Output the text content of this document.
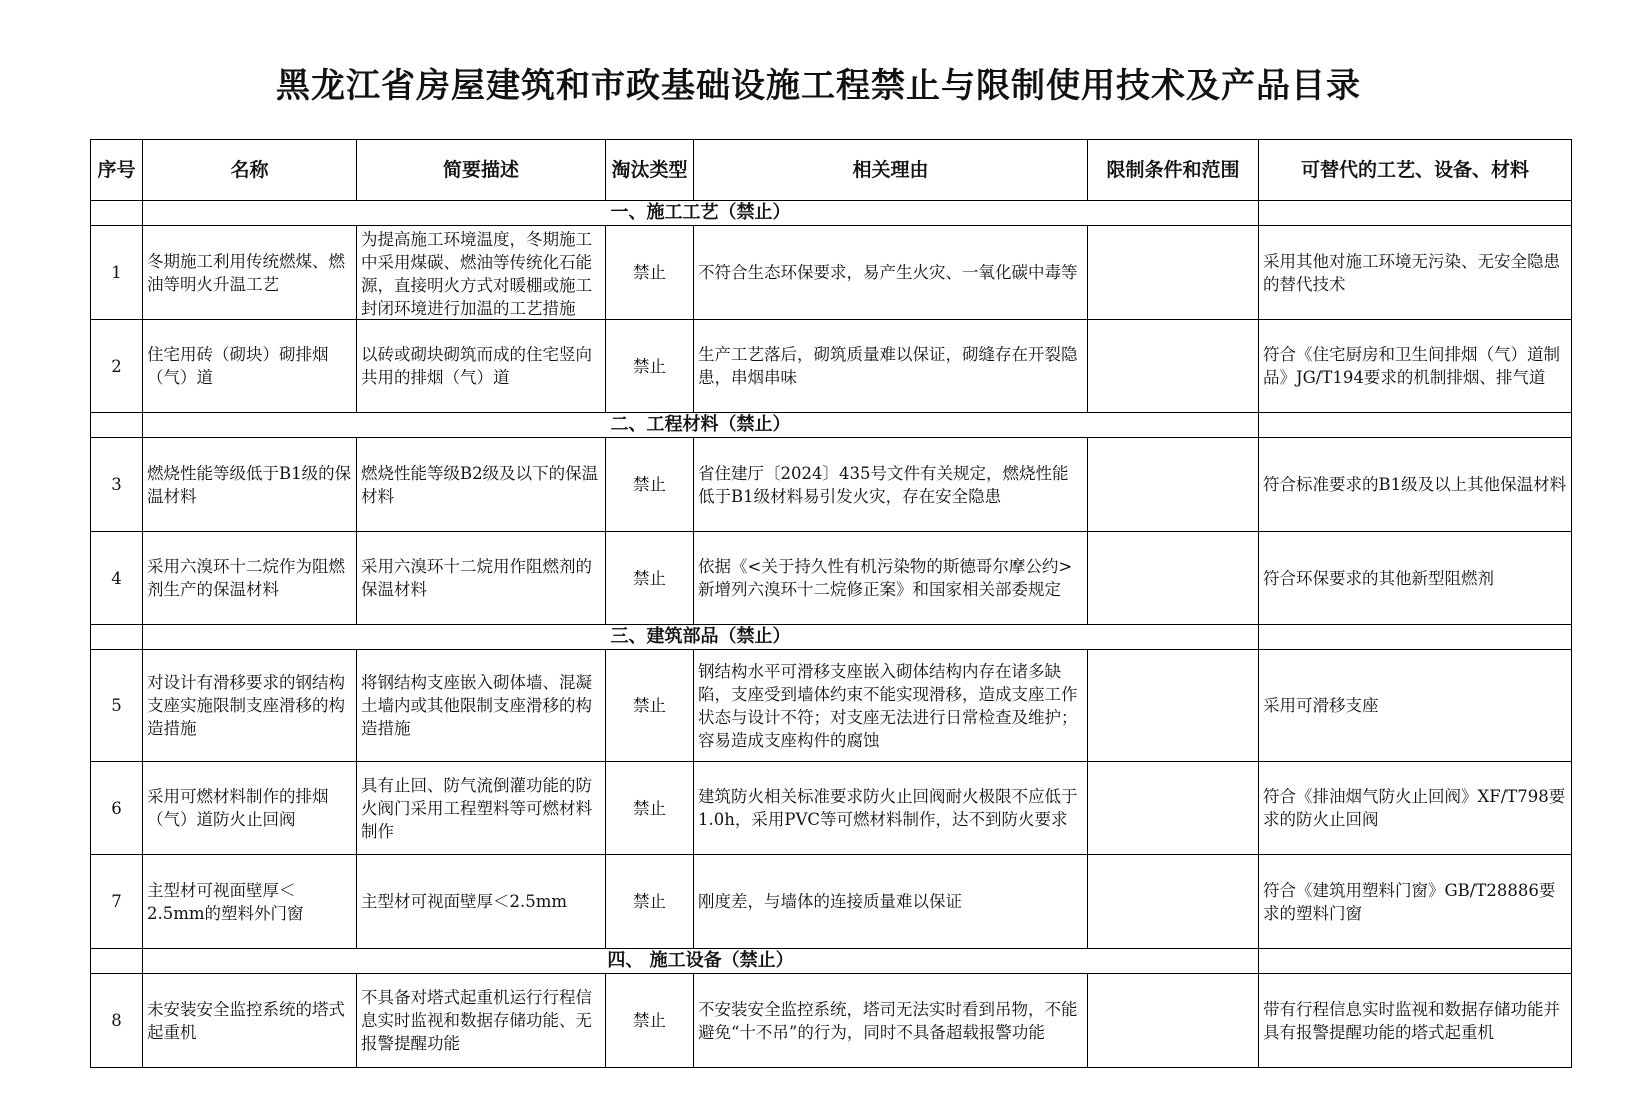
黑龙江省房屋建筑和市政基础设施工程禁止与限制使用技术及产品目录
序号	名称	简要描述	淘汰类型	相关理由	限制条件和范围	可替代的工艺、设备、材料
	一、施工工艺（禁止）					
1	冬期施工利用传统燃煤、燃油等明火升温工艺	为提高施工环境温度，冬期施工中采用煤碳、燃油等传统化石能源，直接明火方式对暖棚或施工封闭环境进行加温的工艺措施	禁止	不符合生态环保要求，易产生火灾、一氧化碳中毒等		采用其他对施工环境无污染、无安全隐患的替代技术
2	住宅用砖（砌块）砌排烟（气）道	以砖或砌块砌筑而成的住宅竖向共用的排烟（气）道	禁止	生产工艺落后，砌筑质量难以保证，砌缝存在开裂隐患，串烟串味		符合《住宅厨房和卫生间排烟（气）道制品》JG/T194要求的机制排烟、排气道
	二、工程材料（禁止）					
3	燃烧性能等级低于B1级的保温材料	燃烧性能等级B2级及以下的保温材料	禁止	省住建厅〔2024〕435号文件有关规定，燃烧性能低于B1级材料易引发火灾，存在安全隐患		符合标准要求的B1级及以上其他保温材料
4	采用六溴环十二烷作为阻燃剂生产的保温材料	采用六溴环十二烷用作阻燃剂的保温材料	禁止	依据《<关于持久性有机污染物的斯德哥尔摩公约>新增列六溴环十二烷修正案》和国家相关部委规定		符合环保要求的其他新型阻燃剂
	三、建筑部品（禁止）					
5	对设计有滑移要求的钢结构支座实施限制支座滑移的构造措施	将钢结构支座嵌入砌体墙、混凝土墙内或其他限制支座滑移的构造措施	禁止	钢结构水平可滑移支座嵌入砌体结构内存在诸多缺陷，支座受到墙体约束不能实现滑移，造成支座工作状态与设计不符；对支座无法进行日常检查及维护；容易造成支座构件的腐蚀		采用可滑移支座
6	采用可燃材料制作的排烟（气）道防火止回阀	具有止回、防气流倒灌功能的防火阀门采用工程塑料等可燃材料制作	禁止	建筑防火相关标准要求防火止回阀耐火极限不应低于1.0h，采用PVC等可燃材料制作，达不到防火要求		符合《排油烟气防火止回阀》XF/T798要求的防火止回阀
7	主型材可视面壁厚＜2.5mm的塑料外门窗	主型材可视面壁厚＜2.5mm	禁止	刚度差，与墙体的连接质量难以保证		符合《建筑用塑料门窗》GB/T28886要求的塑料门窗
	四、 施工设备（禁止）					
8	未安装安全监控系统的塔式起重机	不具备对塔式起重机运行行程信息实时监视和数据存储功能、无报警提醒功能	禁止	不安装安全监控系统，塔司无法实时看到吊物，不能避免“十不吊”的行为，同时不具备超载报警功能		带有行程信息实时监视和数据存储功能并具有报警提醒功能的塔式起重机
